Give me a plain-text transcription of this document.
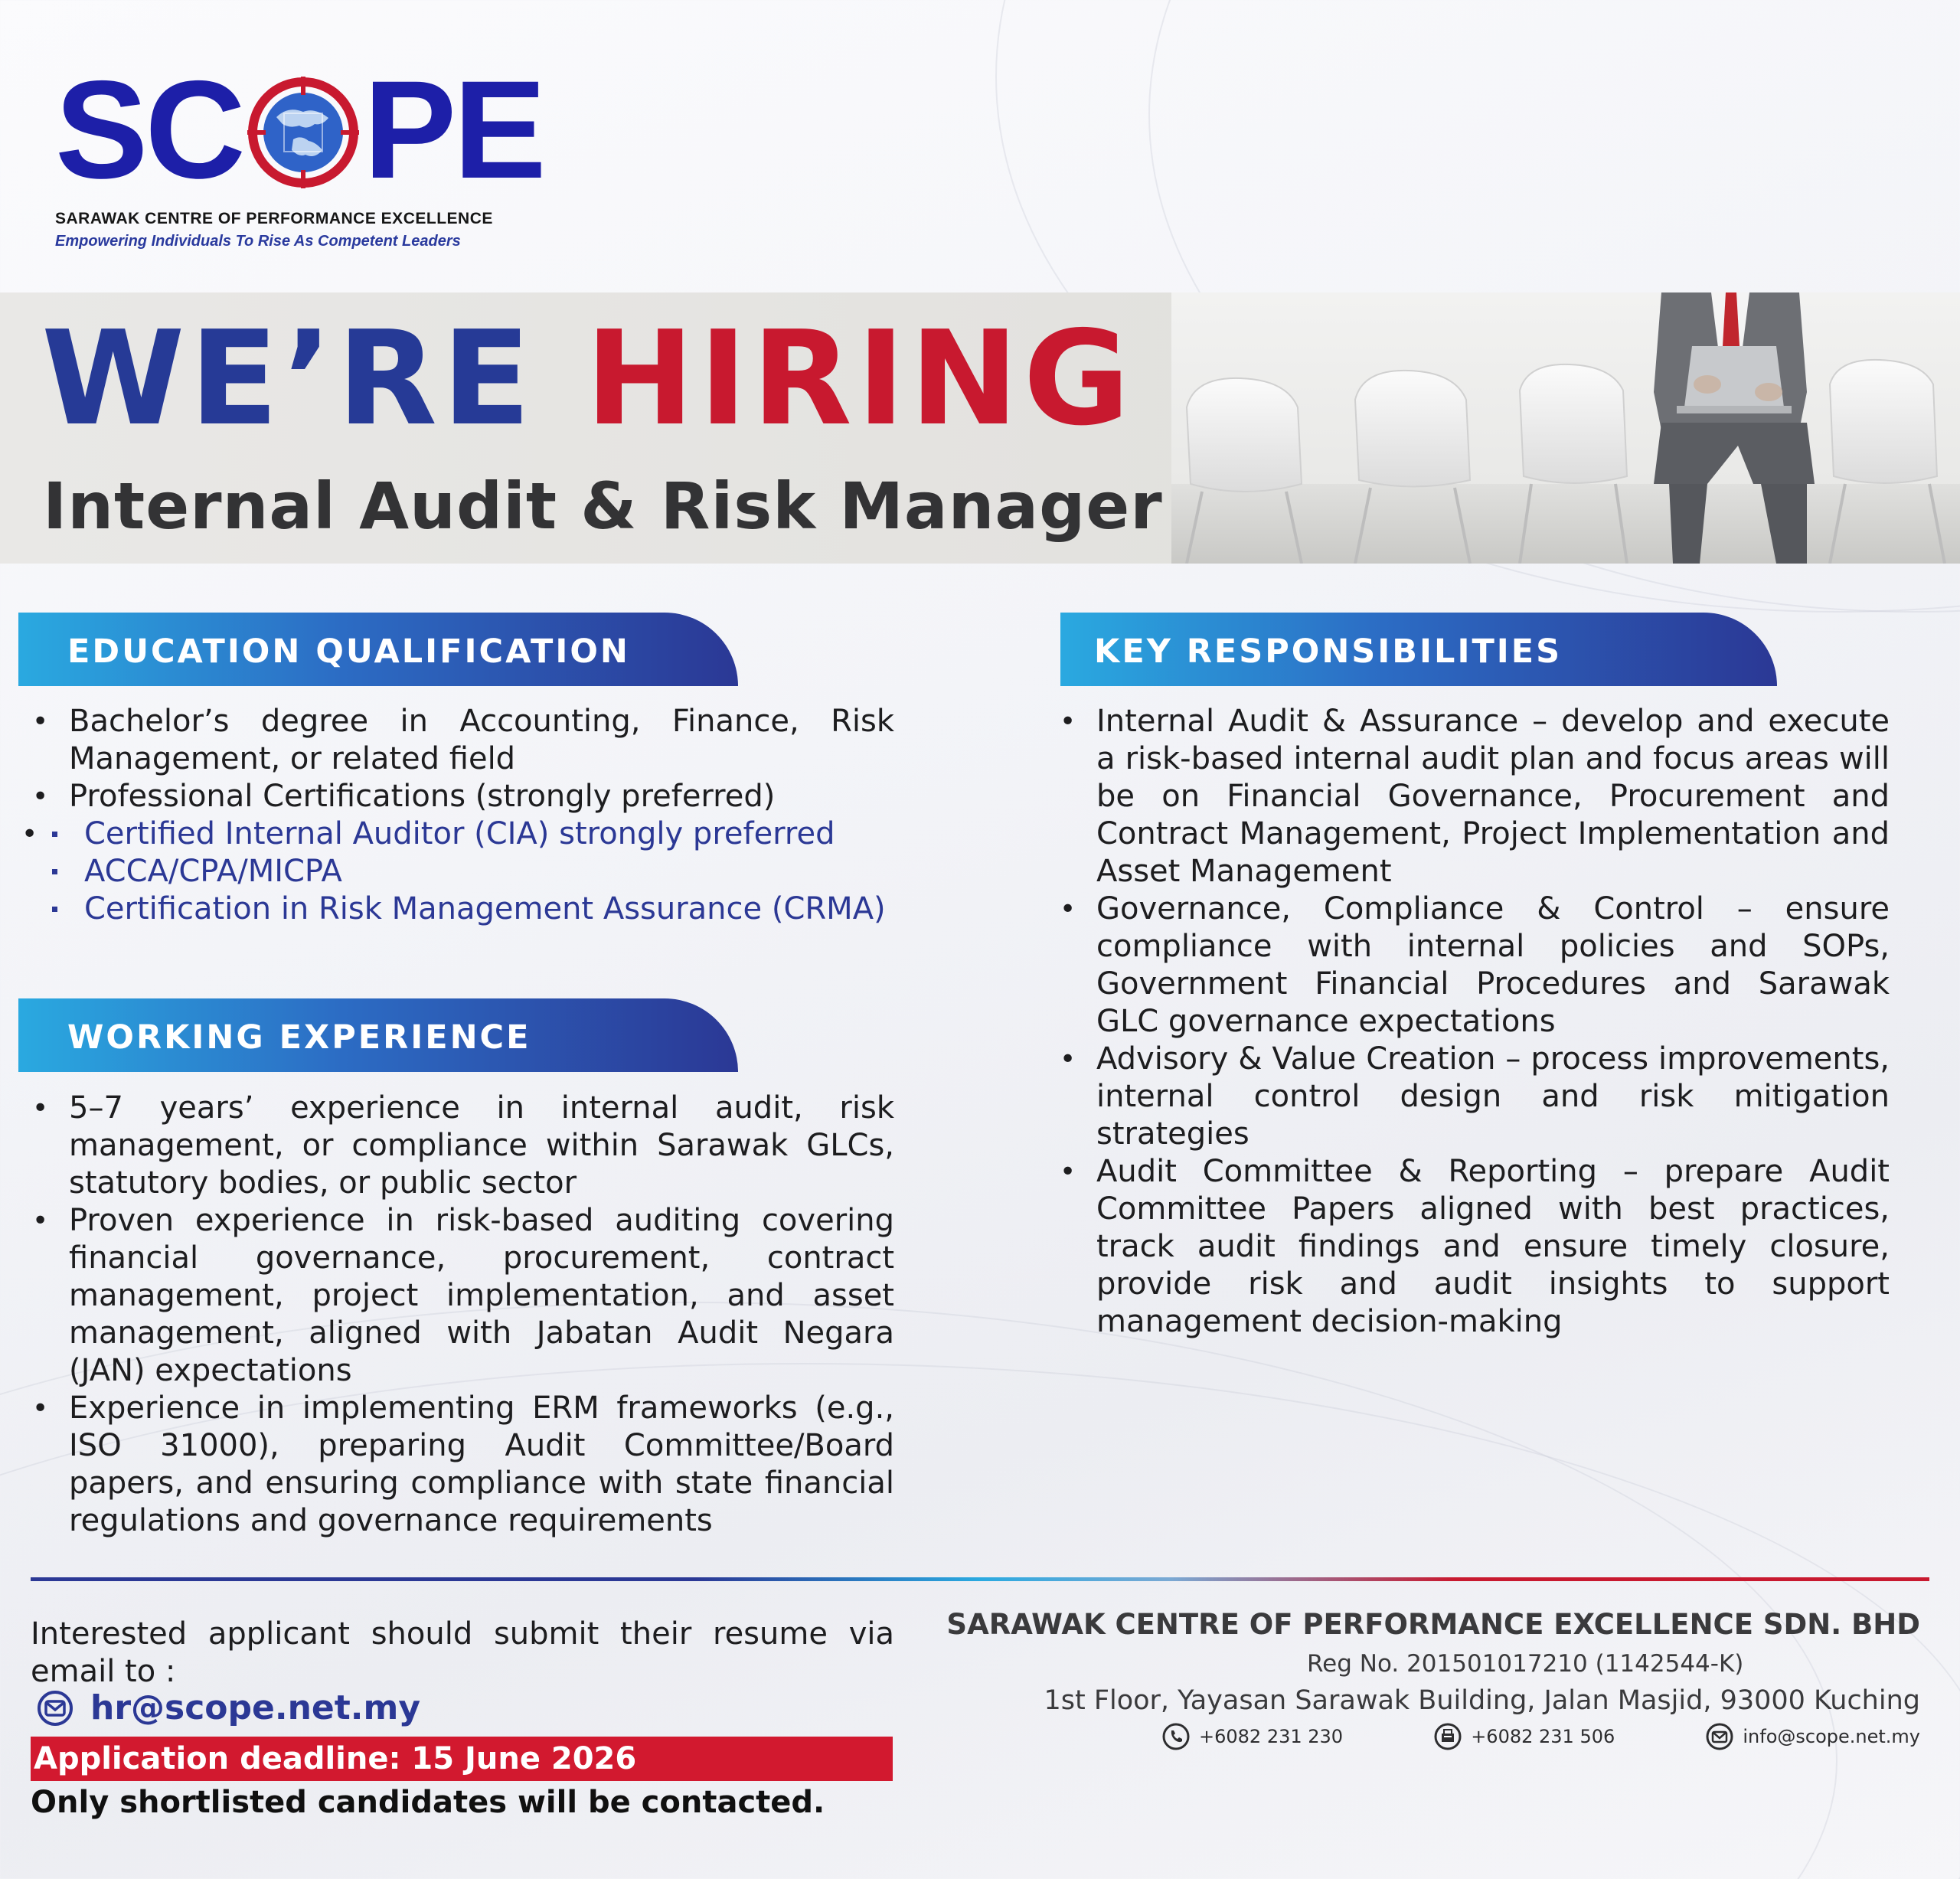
SC PE
SARAWAK CENTRE OF PERFORMANCE EXCELLENCE
Empowering Individuals To Rise As Competent Leaders
WE’RE HIRING
Internal Audit & Risk Manager
EDUCATION QUALIFICATION
• Bachelor’s degree in Accounting, Finance, Risk Management, or related field
• Professional Certifications (strongly preferred)
• Certified Internal Auditor (CIA) strongly preferred
ACCA/CPA/MICPA
Certification in Risk Management Assurance (CRMA)
WORKING EXPERIENCE
• 5–7 years’ experience in internal audit, risk management, or compliance within Sarawak GLCs, statutory bodies, or public sector
• Proven experience in risk-based auditing covering financial governance, procurement, contract management, project implementation, and asset management, aligned with Jabatan Audit Negara (JAN) expectations
• Experience in implementing ERM frameworks (e.g., ISO 31000), preparing Audit Committee/Board papers, and ensuring compliance with state financial regulations and governance requirements
KEY RESPONSIBILITIES
• Internal Audit & Assurance – develop and execute a risk-based internal audit plan and focus areas will be on Financial Governance, Procurement and Contract Management, Project Implementation and Asset Management
• Governance, Compliance & Control – ensure compliance with internal policies and SOPs, Government Financial Procedures and Sarawak GLC governance expectations
• Advisory & Value Creation – process improvements, internal control design and risk mitigation strategies
• Audit Committee & Reporting – prepare Audit Committee Papers aligned with best practices, track audit findings and ensure timely closure, provide risk and audit insights to support management decision-making
Interested applicant should submit their resume via email to :
hr@scope.net.my
Application deadline: 15 June 2026
Only shortlisted candidates will be contacted.
SARAWAK CENTRE OF PERFORMANCE EXCELLENCE SDN. BHD
Reg No. 201501017210 (1142544-K)
1st Floor, Yayasan Sarawak Building, Jalan Masjid, 93000 Kuching
+6082 231 230	+6082 231 506	info@scope.net.my
